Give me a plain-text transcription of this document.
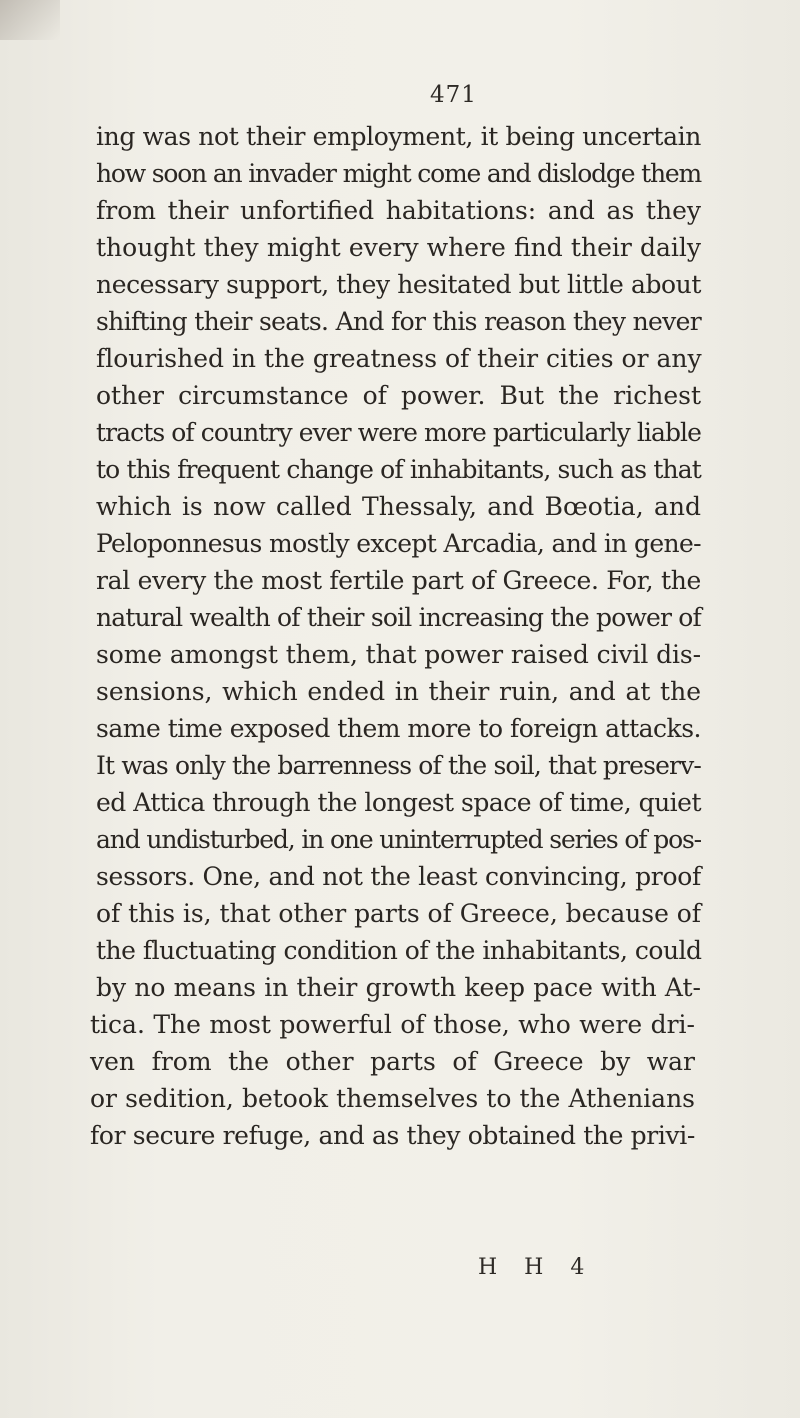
471
ing was not their employment, it being uncertain
how soon an invader might come and dislodge them
from their unfortified habitations: and as they
thought they might every where find their daily
necessary support, they hesitated but little about
shifting their seats. And for this reason they never
flourished in the greatness of their cities or any
other circumstance of power. But the richest
tracts of country ever were more particularly liable
to this frequent change of inhabitants, such as that
which is now called Thessaly, and Bœotia, and
Peloponnesus mostly except Arcadia, and in gene-
ral every the most fertile part of Greece. For, the
natural wealth of their soil increasing the power of
some amongst them, that power raised civil dis-
sensions, which ended in their ruin, and at the
same time exposed them more to foreign attacks.
It was only the barrenness of the soil, that preserv-
ed Attica through the longest space of time, quiet
and undisturbed, in one uninterrupted series of pos-
sessors. One, and not the least convincing, proof
of this is, that other parts of Greece, because of
the fluctuating condition of the inhabitants, could
by no means in their growth keep pace with At-
tica. The most powerful of those, who were dri-
ven from the other parts of Greece by war
or sedition, betook themselves to the Athenians
for secure refuge, and as they obtained the privi-
H H 4
